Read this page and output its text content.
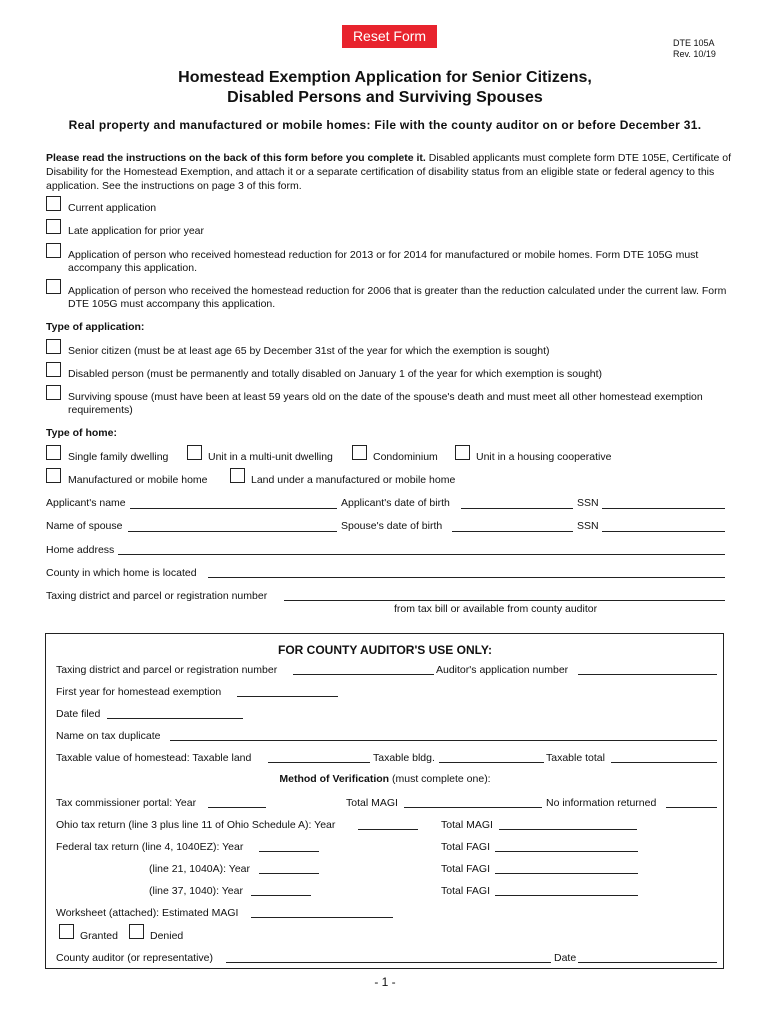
Reset Form	DTE 105A
Rev. 10/19
Homestead Exemption Application for Senior Citizens,
Disabled Persons and Surviving Spouses
Real property and manufactured or mobile homes: File with the county auditor on or before December 31.
Please read the instructions on the back of this form before you complete it. Disabled applicants must complete form DTE 105E, Certificate of Disability for the Homestead Exemption, and attach it or a separate certification of disability status from an eligible state or federal agency to this application. See the instructions on page 3 of this form.
Current application
Late application for prior year
Application of person who received homestead reduction for 2013 or for 2014 for manufactured or mobile homes. Form DTE 105G must accompany this application.
Application of person who received the homestead reduction for 2006 that is greater than the reduction calculated under the current law. Form DTE 105G must accompany this application.
Type of application:
Senior citizen (must be at least age 65 by December 31st of the year for which the exemption is sought)
Disabled person (must be permanently and totally disabled on January 1 of the year for which exemption is sought)
Surviving spouse (must have been at least 59 years old on the date of the spouse's death and must meet all other homestead exemption requirements)
Type of home:
Single family dwelling	Unit in a multi-unit dwelling	Condominium	Unit in a housing cooperative
Manufactured or mobile home	Land under a manufactured or mobile home
Applicant's name	Applicant's date of birth	SSN
Name of spouse	Spouse's date of birth	SSN
Home address
County in which home is located
Taxing district and parcel or registration number
from tax bill or available from county auditor
FOR COUNTY AUDITOR'S USE ONLY:
Taxing district and parcel or registration number	Auditor's application number
First year for homestead exemption
Date filed
Name on tax duplicate
Taxable value of homestead: Taxable land	Taxable bldg.	Taxable total
Method of Verification (must complete one):
Tax commissioner portal: Year	Total MAGI	No information returned
Ohio tax return (line 3 plus line 11 of Ohio Schedule A): Year	Total MAGI
Federal tax return (line 4, 1040EZ): Year	Total FAGI
(line 21, 1040A): Year	Total FAGI
(line 37, 1040): Year	Total FAGI
Worksheet (attached): Estimated MAGI
Granted	Denied
County auditor (or representative)	Date
- 1 -
